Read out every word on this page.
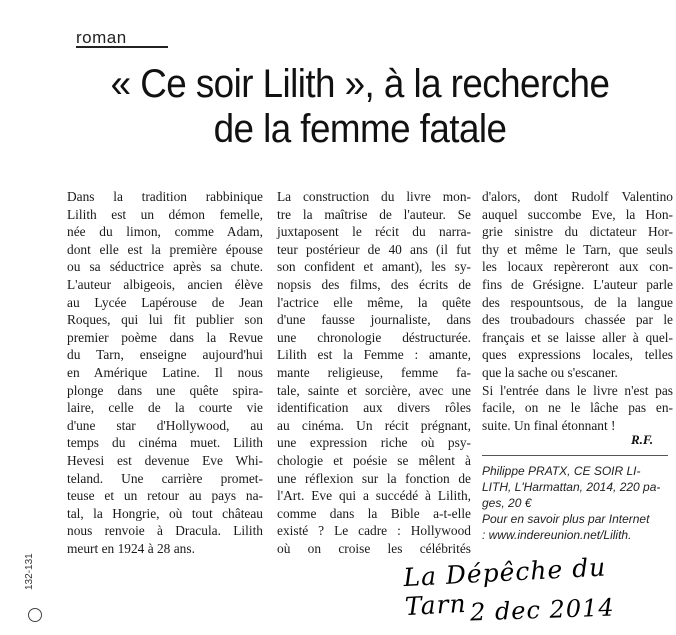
roman
« Ce soir Lilith », à la recherche
de la femme fatale
Dans la tradition rabbinique
Lilith est un démon femelle,
née du limon, comme Adam,
dont elle est la première épouse
ou sa séductrice après sa chute.
L'auteur albigeois, ancien élève
au Lycée Lapérouse de Jean
Roques, qui lui fit publier son
premier poème dans la Revue
du Tarn, enseigne aujourd'hui
en Amérique Latine. Il nous
plonge dans une quête spira-
laire, celle de la courte vie
d'une star d'Hollywood, au
temps du cinéma muet. Lilith
Hevesi est devenue Eve Whi-
teland. Une carrière promet-
teuse et un retour au pays na-
tal, la Hongrie, où tout château
nous renvoie à Dracula. Lilith
meurt en 1924 à 28 ans.
La construction du livre mon-
tre la maîtrise de l'auteur. Se
juxtaposent le récit du narra-
teur postérieur de 40 ans (il fut
son confident et amant), les sy-
nopsis des films, des écrits de
l'actrice elle même, la quête
d'une fausse journaliste, dans
une chronologie déstructurée.
Lilith est la Femme : amante,
mante religieuse, femme fa-
tale, sainte et sorcière, avec une
identification aux divers rôles
au cinéma. Un récit prégnant,
une expression riche où psy-
chologie et poésie se mêlent à
une réflexion sur la fonction de
l'Art. Eve qui a succédé à Lilith,
comme dans la Bible a-t-elle
existé ? Le cadre : Hollywood
où on croise les célébrités
d'alors, dont Rudolf Valentino
auquel succombe Eve, la Hon-
grie sinistre du dictateur Hor-
thy et même le Tarn, que seuls
les locaux repèreront aux con-
fins de Grésigne. L'auteur parle
des respountsous, de la langue
des troubadours chassée par le
français et se laisse aller à quel-
ques expressions locales, telles
que la sache ou s'escaner.
Si l'entrée dans le livre n'est pas
facile, on ne le lâche pas en-
suite. Un final étonnant !
R.F.
Philippe PRATX, CE SOIR LI-
LITH, L'Harmattan, 2014, 220 pa-
ges, 20 €
Pour en savoir plus par Internet
: www.indereunion.net/Lilith.
La Dépêche du Tarn 2 dec 2014
132-131
